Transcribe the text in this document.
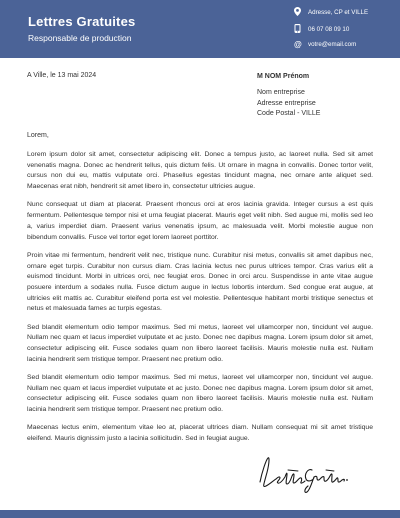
Lettres Gratuites
Responsable de production
Adresse, CP et VILLE
06 07 08 09 10
@ votre@email.com
A Ville, le 13 mai 2024	M NOM Prénom
Nom entreprise
Adresse entreprise
Code Postal - VILLE
Lorem,

Lorem ipsum dolor sit amet, consectetur adipiscing elit. Donec a tempus justo, ac laoreet nulla. Sed sit amet venenatis magna. Donec ac hendrerit tellus, quis dictum felis. Ut ornare in magna in convallis. Donec tortor velit, cursus non dui eu, mattis vulputate orci. Phasellus egestas tincidunt magna, nec ornare ante aliquet sed. Maecenas erat nibh, hendrerit sit amet libero in, consectetur ultricies augue.

Nunc consequat ut diam at placerat. Praesent rhoncus orci at eros lacinia gravida. Integer cursus a est quis fermentum. Pellentesque tempor nisi et urna feugiat placerat. Mauris eget velit nibh. Sed augue mi, mollis sed leo a, varius imperdiet diam. Praesent varius venenatis ipsum, ac malesuada velit. Morbi molestie augue non bibendum convallis. Fusce vel tortor eget lorem laoreet porttitor.

Proin vitae mi fermentum, hendrerit velit nec, tristique nunc. Curabitur nisi metus, convallis sit amet dapibus nec, ornare eget turpis. Curabitur non cursus diam. Cras lacinia lectus nec purus ultrices tempor. Cras varius elit a euismod tincidunt. Morbi in ultrices orci, nec feugiat eros. Donec in orci arcu. Suspendisse in ante vitae augue posuere interdum a sodales nulla. Fusce dictum augue in lectus lobortis interdum. Sed congue erat augue, at ultricies elit mattis ac. Curabitur eleifend porta est vel molestie. Pellentesque habitant morbi tristique senectus et netus et malesuada fames ac turpis egestas.

Sed blandit elementum odio tempor maximus. Sed mi metus, laoreet vel ullamcorper non, tincidunt vel augue. Nullam nec quam et lacus imperdiet vulputate et ac justo. Donec nec dapibus magna. Lorem ipsum dolor sit amet, consectetur adipiscing elit. Fusce sodales quam non libero laoreet facilisis. Mauris molestie nulla est. Nullam lacinia hendrerit sem tristique tempor. Praesent nec pretium odio.

Sed blandit elementum odio tempor maximus. Sed mi metus, laoreet vel ullamcorper non, tincidunt vel augue. Nullam nec quam et lacus imperdiet vulputate et ac justo. Donec nec dapibus magna. Lorem ipsum dolor sit amet, consectetur adipiscing elit. Fusce sodales quam non libero laoreet facilisis. Mauris molestie nulla est. Nullam lacinia hendrerit sem tristique tempor. Praesent nec pretium odio.

Maecenas lectus enim, elementum vitae leo at, placerat ultrices diam. Nullam consequat mi sit amet tristique eleifend. Mauris dignissim justo a lacinia sollicitudin. Sed in feugiat augue.
